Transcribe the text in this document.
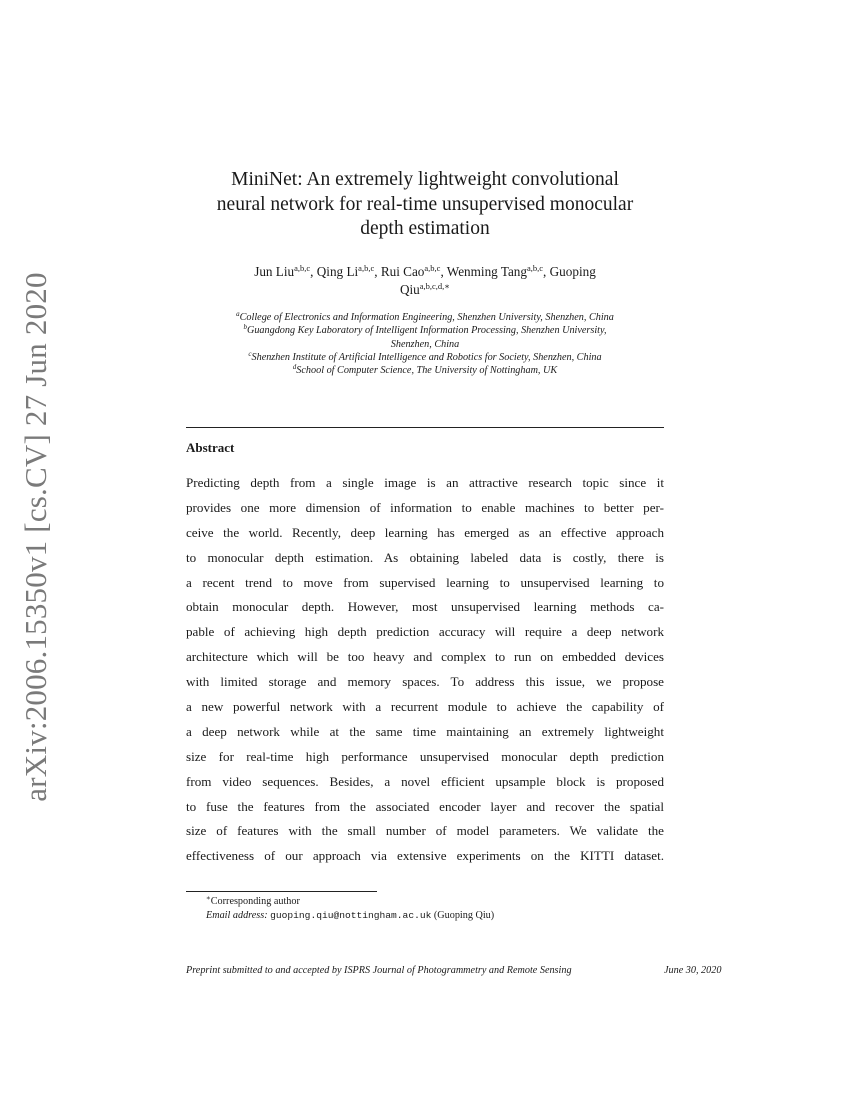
arXiv:2006.15350v1 [cs.CV] 27 Jun 2020
MiniNet: An extremely lightweight convolutional
neural network for real-time unsupervised monocular
depth estimation
Jun Liu$^{a,b,c}$, Qing Li$^{a,b,c}$, Rui Cao$^{a,b,c}$, Wenming Tang$^{a,b,c}$, Guoping
Qiu$^{a,b,c,d,∗}$
$^a$College of Electronics and Information Engineering, Shenzhen University, Shenzhen, China
$^b$Guangdong Key Laboratory of Intelligent Information Processing, Shenzhen University,
Shenzhen, China
$^c$Shenzhen Institute of Artificial Intelligence and Robotics for Society, Shenzhen, China
$^d$School of Computer Science, The University of Nottingham, UK
Abstract
Predicting depth from a single image is an attractive research topic since it
provides one more dimension of information to enable machines to better per-
ceive the world. Recently, deep learning has emerged as an effective approach
to monocular depth estimation. As obtaining labeled data is costly, there is
a recent trend to move from supervised learning to unsupervised learning to
obtain monocular depth. However, most unsupervised learning methods ca-
pable of achieving high depth prediction accuracy will require a deep network
architecture which will be too heavy and complex to run on embedded devices
with limited storage and memory spaces. To address this issue, we propose
a new powerful network with a recurrent module to achieve the capability of
a deep network while at the same time maintaining an extremely lightweight
size for real-time high performance unsupervised monocular depth prediction
from video sequences. Besides, a novel efficient upsample block is proposed
to fuse the features from the associated encoder layer and recover the spatial
size of features with the small number of model parameters. We validate the
effectiveness of our approach via extensive experiments on the KITTI dataset.
∗Corresponding author
Email address: guoping.qiu@nottingham.ac.uk (Guoping Qiu)
Preprint submitted to and accepted by ISPRS Journal of Photogrammetry and Remote Sensing	June 30, 2020
